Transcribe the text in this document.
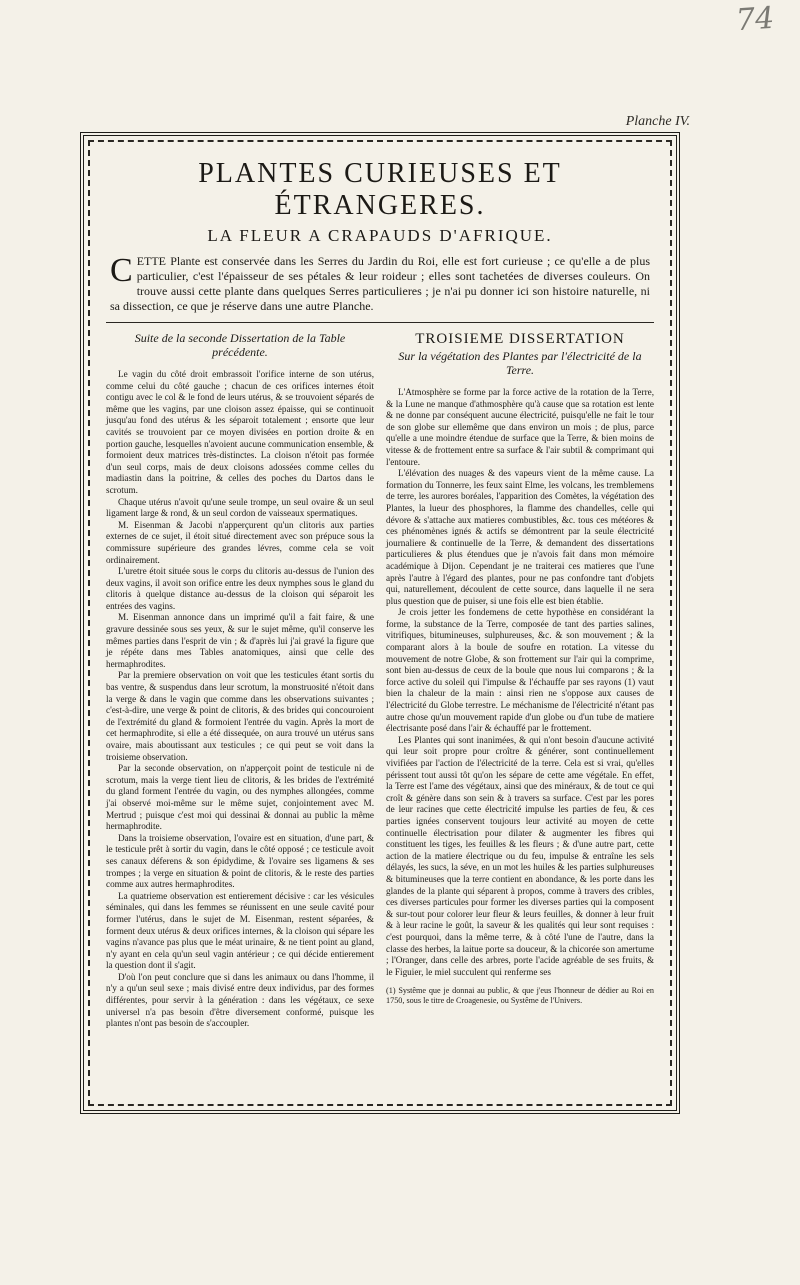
74
Planche IV.
PLANTES CURIEUSES ET ÉTRANGERES.
LA FLEUR A CRAPAUDS D'AFRIQUE.
CETTE Plante est conservée dans les Serres du Jardin du Roi, elle est fort curieuse ; ce qu'elle a de plus particulier, c'est l'épaisseur de ses pétales & leur roideur ; elles sont tachetées de diverses couleurs. On trouve aussi cette plante dans quelques Serres particulieres ; je n'ai pu donner ici son histoire naturelle, ni sa dissection, ce que je réserve dans une autre Planche.
Suite de la seconde Dissertation de la Table précédente.

Le vagin du côté droit embrassoit l'orifice interne de son utérus, comme celui du côté gauche ; chacun de ces orifices internes étoit contigu avec le col & le fond de leurs utérus, & se trouvoient séparés de même que les vagins, par une cloison assez épaisse, qui se continuoit jusqu'au fond des utérus & les séparoit totalement ; ensorte que leur cavités se trouvoient par ce moyen divisées en portion droite & en portion gauche, lesquelles n'avoient aucune communication ensemble, & formoient deux matrices très-distinctes. La cloison n'étoit pas formée d'un seul corps, mais de deux cloisons adossées comme celles du madiastin dans la poitrine, & celles des poches du Dartos dans le scrotum.

Chaque utérus n'avoit qu'une seule trompe, un seul ovaire & un seul ligament large & rond, & un seul cordon de vaisseaux spermatiques.

M. Eisenman & Jacobi n'apperçurent qu'un clitoris aux parties externes de ce sujet, il étoit situé directement avec son prépuce sous la commissure supérieure des grandes lévres, comme cela se voit ordinairement.

L'uretre étoit située sous le corps du clitoris au-dessus de l'union des deux vagins, il avoit son orifice entre les deux nymphes sous le gland du clitoris à quelque distance au-dessus de la cloison qui séparoit les entrées des vagins.

M. Eisenman annonce dans un imprimé qu'il a fait faire, & une gravure dessinée sous ses yeux, & sur le sujet même, qu'il conserve les mêmes parties dans l'esprit de vin ; & d'après lui j'ai gravé la figure que je répéte dans mes Tables anatomiques, ainsi que celle des hermaphrodites.

Par la premiere observation on voit que les testicules étant sortis du bas ventre, & suspendus dans leur scrotum, la monstruosité n'étoit dans la verge & dans le vagin que comme dans les observations suivantes ; c'est-à-dire, une verge & point de clitoris, & des brides qui concouroient de l'extrémité du gland & formoient l'entrée du vagin. Après la mort de cet hermaphrodite, si elle a été dissequée, on aura trouvé un utérus sans ovaire, mais aboutissant aux testicules ; ce qui peut se voit dans la troisieme observation.

Par la seconde observation, on n'apperçoit point de testicule ni de scrotum, mais la verge tient lieu de clitoris, & les brides de l'extrémité du gland forment l'entrée du vagin, ou des nymphes allongées, comme j'ai observé moi-même sur le même sujet, conjointement avec M. Mertrud ; puisque c'est moi qui dessinai & donnai au public la même hermaphrodite.

Dans la troisieme observation, l'ovaire est en situation, d'une part, & le testicule prêt à sortir du vagin, dans le côté opposé ; ce testicule avoit ses canaux déferens & son épidydime, & l'ovaire ses ligamens & ses trompes ; la verge en situation & point de clitoris, & le reste des parties comme aux autres hermaphrodites.

La quatrieme observation est entierement décisive : car les vésicules séminales, qui dans les femmes se réunissent en une seule cavité pour former l'utérus, dans le sujet de M. Eisenman, restent séparées, & forment deux utérus & deux orifices internes, & la cloison qui sépare les vagins n'avance pas plus que le méat urinaire, & ne tient point au gland, n'y ayant en cela qu'un seul vagin antérieur ; ce qui décide entierement la question dont il s'agit.

D'où l'on peut conclure que si dans les animaux ou dans l'homme, il n'y a qu'un seul sexe ; mais divisé entre deux individus, par des formes différentes, pour servir à la génération : dans les végétaux, ce sexe universel n'a pas besoin d'être diversement conformé, puisque les plantes n'ont pas besoin de s'accoupler.

TROISIEME DISSERTATION
Sur la végétation des Plantes par l'électricité de la Terre.

L'Atmosphère se forme par la force active de la rotation de la Terre, & la Lune ne manque d'athmosphère qu'à cause que sa rotation est lente & ne donne par conséquent aucune électricité, puisqu'elle ne fait le tour de son globe sur ellemême que dans environ un mois ; de plus, parce qu'elle a une moindre étendue de surface que la Terre, & bien moins de vitesse & de frottement entre sa surface & l'air subtil & comprimant qui l'entoure.

L'élévation des nuages & des vapeurs vient de la même cause. La formation du Tonnerre, les feux saint Elme, les volcans, les tremblemens de terre, les aurores boréales, l'apparition des Comètes, la végétation des Plantes, la lueur des phosphores, la flamme des chandelles, celle qui dévore & s'attache aux matieres combustibles, &c. tous ces météores & ces phénomènes ignés & actifs se démontrent par la seule électricité journaliere & continuelle de la Terre, & demandent des dissertations particulieres & plus étendues que je n'avois fait dans mon mémoire académique à Dijon. Cependant je ne traiterai ces matieres que l'une après l'autre à l'égard des plantes, pour ne pas confondre tant d'objets qui, naturellement, découlent de cette source, dans laquelle il ne sera plus question que de puiser, si une fois elle est bien établie.

Je crois jetter les fondemens de cette hypothèse en considérant la forme, la substance de la Terre, composée de tant des parties salines, vitrifiques, bitumineuses, sulphureuses, &c. & son mouvement ; & la comparant alors à la boule de soufre en rotation. La vitesse du mouvement de notre Globe, & son frottement sur l'air qui la comprime, sont bien au-dessus de ceux de la boule que nous lui comparons ; & la force active du soleil qui l'impulse & l'échauffe par ses rayons (1) vaut bien la chaleur de la main : ainsi rien ne s'oppose aux causes de l'électricité du Globe terrestre. Le méchanisme de l'électricité n'étant pas autre chose qu'un mouvement rapide d'un globe ou d'un tube de matiere électrisante posé dans l'air & échauffé par le frottement.

Les Plantes qui sont inanimées, & qui n'ont besoin d'aucune activité qui leur soit propre pour croître & générer, sont continuellement vivifiées par l'action de l'électricité de la terre. Cela est si vrai, qu'elles périssent tout aussi tôt qu'on les sépare de cette ame végétale. En effet, la Terre est l'ame des végétaux, ainsi que des minéraux, & de tout ce qui croît & génère dans son sein & à travers sa surface. C'est par les pores de leur racines que cette électricité impulse les parties de feu, & ces parties ignées conservent toujours leur activité au moyen de cette continuelle électrisation pour dilater & augmenter les fibres qui constituent les tiges, les feuilles & les fleurs ; & d'une autre part, cette action de la matiere électrique ou du feu, impulse & entraîne les sels délayés, les sucs, la séve, en un mot les huiles & les parties sulphureuses & bitumineuses que la terre contient en abondance, & les porte dans les glandes de la plante qui séparent à propos, comme à travers des cribles, ces diverses particules pour former les diverses parties qui la composent & sur-tout pour colorer leur fleur & leurs feuilles, & donner à leur fruit & à leur racine le goût, la saveur & les qualités qui leur sont requises : c'est pourquoi, dans la même terre, & à côté l'une de l'autre, dans la classe des herbes, la laitue porte sa douceur, & la chicorée son amertume ; l'Oranger, dans celle des arbres, porte l'acide agréable de ses fruits, & le Figuier, le miel succulent qui renferme ses

(1) Systême que je donnai au public, & que j'eus l'honneur de dédier au Roi en 1750, sous le titre de Croagenesie, ou Systême de l'Univers.
